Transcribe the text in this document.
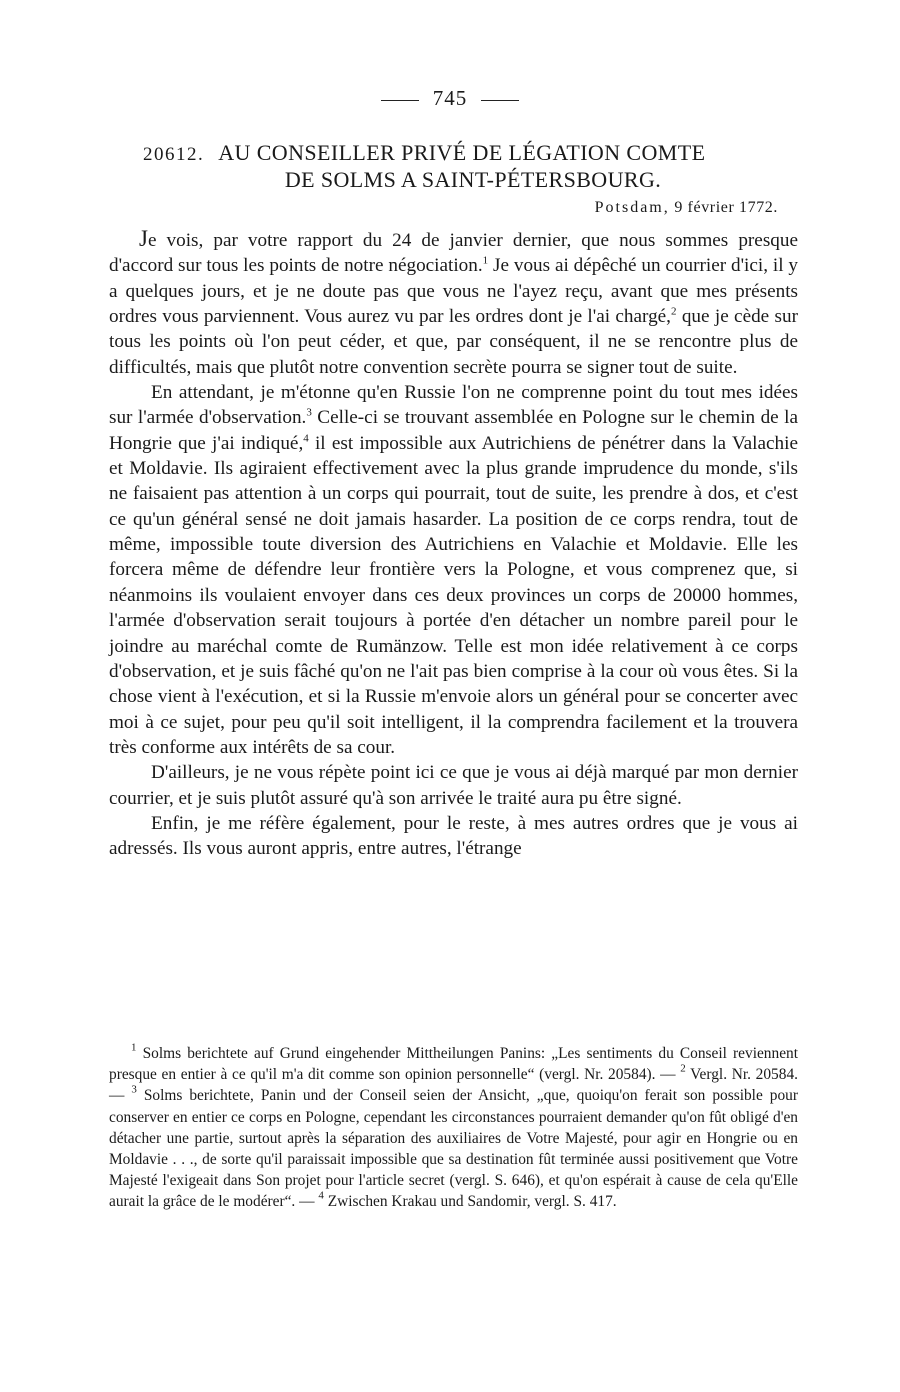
745
20612. AU CONSEILLER PRIVÉ DE LÉGATION COMTE
DE SOLMS A SAINT-PÉTERSBOURG.
Potsdam, 9 février 1772.

Je vois, par votre rapport du 24 de janvier dernier, que nous sommes presque d'accord sur tous les points de notre négociation.$^1$ Je vous ai dépêché un courrier d'ici, il y a quelques jours, et je ne doute pas que vous ne l'ayez reçu, avant que mes présents ordres vous parviennent. Vous aurez vu par les ordres dont je l'ai chargé,$^2$ que je cède sur tous les points où l'on peut céder, et que, par conséquent, il ne se rencontre plus de difficultés, mais que plutôt notre convention secrète pourra se signer tout de suite.

En attendant, je m'étonne qu'en Russie l'on ne comprenne point du tout mes idées sur l'armée d'observation.$^3$ Celle-ci se trouvant assemblée en Pologne sur le chemin de la Hongrie que j'ai indiqué,$^4$ il est impossible aux Autrichiens de pénétrer dans la Valachie et Moldavie. Ils agiraient effectivement avec la plus grande imprudence du monde, s'ils ne faisaient pas attention à un corps qui pourrait, tout de suite, les prendre à dos, et c'est ce qu'un général sensé ne doit jamais hasarder. La position de ce corps rendra, tout de même, impossible toute diversion des Autrichiens en Valachie et Moldavie. Elle les forcera même de défendre leur frontière vers la Pologne, et vous comprenez que, si néanmoins ils voulaient envoyer dans ces deux provinces un corps de 20000 hommes, l'armée d'observation serait toujours à portée d'en détacher un nombre pareil pour le joindre au maréchal comte de Rumänzow. Telle est mon idée relativement à ce corps d'observation, et je suis fâché qu'on ne l'ait pas bien comprise à la cour où vous êtes. Si la chose vient à l'exécution, et si la Russie m'envoie alors un général pour se concerter avec moi à ce sujet, pour peu qu'il soit intelligent, il la comprendra facilement et la trouvera très conforme aux intérêts de sa cour.

D'ailleurs, je ne vous répète point ici ce que je vous ai déjà marqué par mon dernier courrier, et je suis plutôt assuré qu'à son arrivée le traité aura pu être signé.

Enfin, je me réfère également, pour le reste, à mes autres ordres que je vous ai adressés. Ils vous auront appris, entre autres, l'étrange

$^1$ Solms berichtete auf Grund eingehender Mittheilungen Panins: „Les sentiments du Conseil reviennent presque en entier à ce qu'il m'a dit comme son opinion personnelle“ (vergl. Nr. 20584). — $^2$ Vergl. Nr. 20584. — $^3$ Solms berichtete, Panin und der Conseil seien der Ansicht, „que, quoiqu'on ferait son possible pour conserver en entier ce corps en Pologne, cependant les circonstances pourraient demander qu'on fût obligé d'en détacher une partie, surtout après la séparation des auxiliaires de Votre Majesté, pour agir en Hongrie ou en Moldavie . . ., de sorte qu'il paraissait impossible que sa destination fût terminée aussi positivement que Votre Majesté l'exigeait dans Son projet pour l'article secret (vergl. S. 646), et qu'on espérait à cause de cela qu'Elle aurait la grâce de le modérer“. — $^4$ Zwischen Krakau und Sandomir, vergl. S. 417.
